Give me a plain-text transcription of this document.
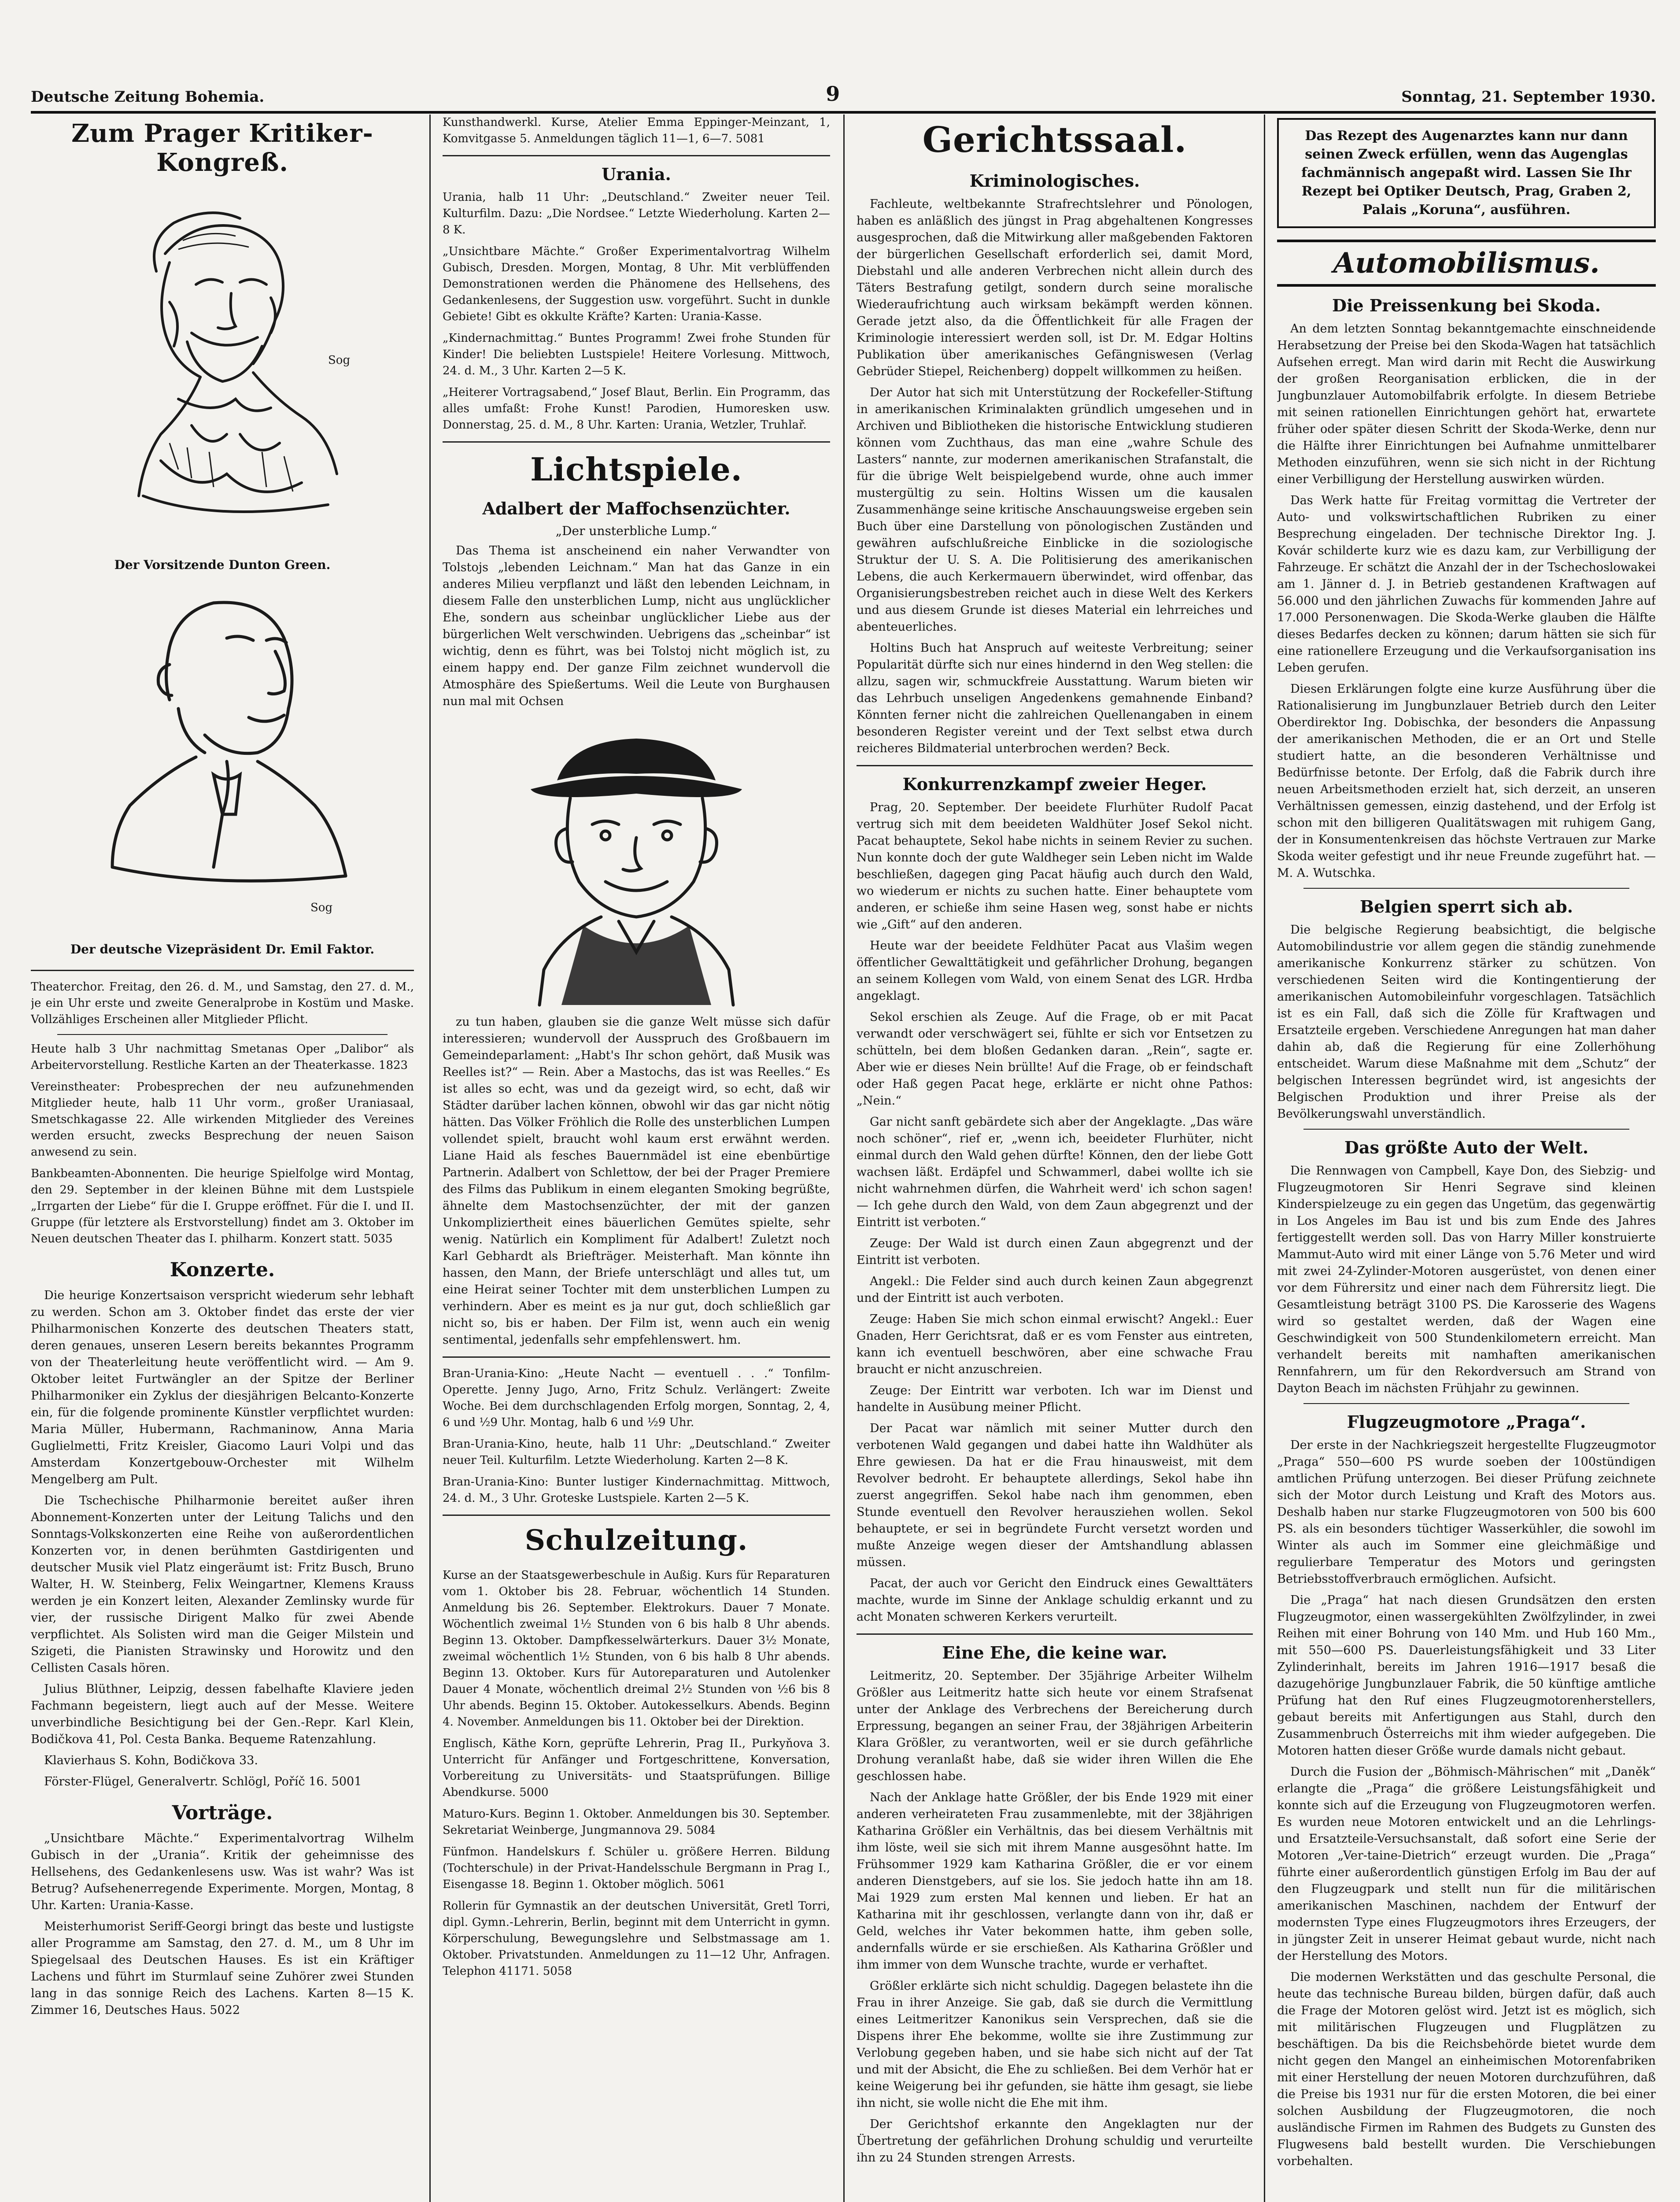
Deutsche Zeitung Bohemia.	9	Sonntag, 21. September 1930.
Zum Prager Kritiker-Kongreß.
Sog
Der Vorsitzende Dunton Green.
Sog
Der deutsche Vizepräsident Dr. Emil Faktor.

Theaterchor. Freitag, den 26. d. M., und Samstag, den 27. d. M., je ein Uhr erste und zweite Generalprobe in Kostüm und Maske. Vollzähliges Erscheinen aller Mitglieder Pflicht.

Heute halb 3 Uhr nachmittag Smetanas Oper „Dalibor“ als Arbeitervorstellung. Restliche Karten an der Theaterkasse. 1823

Vereinstheater: Probesprechen der neu aufzunehmenden Mitglieder heute, halb 11 Uhr vorm., großer Uraniasaal, Smetschkagasse 22. Alle wirkenden Mitglieder des Vereines werden ersucht, zwecks Besprechung der neuen Saison anwesend zu sein.

Bankbeamten-Abonnenten. Die heurige Spielfolge wird Montag, den 29. September in der kleinen Bühne mit dem Lustspiele „Irrgarten der Liebe“ für die I. Gruppe eröffnet. Für die I. und II. Gruppe (für letztere als Erstvorstellung) findet am 3. Oktober im Neuen deutschen Theater das I. philharm. Konzert statt. 5035

Konzerte.

Die heurige Konzertsaison verspricht wiederum sehr lebhaft zu werden. Schon am 3. Oktober findet das erste der vier Philharmonischen Konzerte des deutschen Theaters statt, deren genaues, unseren Lesern bereits bekanntes Programm von der Theaterleitung heute veröffentlicht wird. — Am 9. Oktober leitet Furtwängler an der Spitze der Berliner Philharmoniker ein Zyklus der diesjährigen Belcanto-Konzerte ein, für die folgende prominente Künstler verpflichtet wurden: Maria Müller, Hubermann, Rachmaninow, Anna Maria Guglielmetti, Fritz Kreisler, Giacomo Lauri Volpi und das Amsterdam Konzertgebouw-Orchester mit Wilhelm Mengelberg am Pult.

Die Tschechische Philharmonie bereitet außer ihren Abonnement-Konzerten unter der Leitung Talichs und den Sonntags-Volkskonzerten eine Reihe von außerordentlichen Konzerten vor, in denen berühmten Gastdirigenten und deutscher Musik viel Platz eingeräumt ist: Fritz Busch, Bruno Walter, H. W. Steinberg, Felix Weingartner, Klemens Krauss werden je ein Konzert leiten, Alexander Zemlinsky wurde für vier, der russische Dirigent Malko für zwei Abende verpflichtet. Als Solisten wird man die Geiger Milstein und Szigeti, die Pianisten Strawinsky und Horowitz und den Cellisten Casals hören.

Julius Blüthner, Leipzig, dessen fabelhafte Klaviere jeden Fachmann begeistern, liegt auch auf der Messe. Weitere unverbindliche Besichtigung bei der Gen.-Repr. Karl Klein, Bodičkova 41, Pol. Cesta Banka. Bequeme Ratenzahlung.

Klavierhaus S. Kohn, Bodičkova 33.

Förster-Flügel, Generalvertr. Schlögl, Poříč 16. 5001

Vorträge.

„Unsichtbare Mächte.“ Experimentalvortrag Wilhelm Gubisch in der „Urania“. Kritik der geheimnisse des Hellsehens, des Gedankenlesens usw. Was ist wahr? Was ist Betrug? Aufsehenerregende Experimente. Morgen, Montag, 8 Uhr. Karten: Urania-Kasse.

Meisterhumorist Seriff-Georgi bringt das beste und lustigste aller Programme am Samstag, den 27. d. M., um 8 Uhr im Spiegelsaal des Deutschen Hauses. Es ist ein Kräftiger Lachens und führt im Sturmlauf seine Zuhörer zwei Stunden lang in das sonnige Reich des Lachens. Karten 8—15 K. Zimmer 16, Deutsches Haus. 5022

Kunsthandwerkl. Kurse, Atelier Emma Eppinger-Meinzant, 1, Komvitgasse 5. Anmeldungen täglich 11—1, 6—7. 5081

Urania.

Urania, halb 11 Uhr: „Deutschland.“ Zweiter neuer Teil. Kulturfilm. Dazu: „Die Nordsee.“ Letzte Wiederholung. Karten 2—8 K.

„Unsichtbare Mächte.“ Großer Experimentalvortrag Wilhelm Gubisch, Dresden. Morgen, Montag, 8 Uhr. Mit verblüffenden Demonstrationen werden die Phänomene des Hellsehens, des Gedankenlesens, der Suggestion usw. vorgeführt. Sucht in dunkle Gebiete! Gibt es okkulte Kräfte? Karten: Urania-Kasse.

„Kindernachmittag.“ Buntes Programm! Zwei frohe Stunden für Kinder! Die beliebten Lustspiele! Heitere Vorlesung. Mittwoch, 24. d. M., 3 Uhr. Karten 2—5 K.

„Heiterer Vortragsabend,“ Josef Blaut, Berlin. Ein Programm, das alles umfaßt: Frohe Kunst! Parodien, Humoresken usw. Donnerstag, 25. d. M., 8 Uhr. Karten: Urania, Wetzler, Truhlař.

Lichtspiele.
Adalbert der Maffochsenzüchter.
„Der unsterbliche Lump.“

Das Thema ist anscheinend ein naher Verwandter von Tolstojs „lebenden Leichnam.“ Man hat das Ganze in ein anderes Milieu verpflanzt und läßt den lebenden Leichnam, in diesem Falle den unsterblichen Lump, nicht aus unglücklicher Ehe, sondern aus scheinbar unglücklicher Liebe aus der bürgerlichen Welt verschwinden. Uebrigens das „scheinbar“ ist wichtig, denn es führt, was bei Tolstoj nicht möglich ist, zu einem happy end. Der ganze Film zeichnet wundervoll die Atmosphäre des Spießertums. Weil die Leute von Burghausen nun mal mit Ochsen

zu tun haben, glauben sie die ganze Welt müsse sich dafür interessieren; wundervoll der Ausspruch des Großbauern im Gemeindeparlament: „Habt's Ihr schon gehört, daß Musik was Reelles ist?“ — Rein. Aber a Mastochs, das ist was Reelles.“ Es ist alles so echt, was und da gezeigt wird, so echt, daß wir Städter darüber lachen können, obwohl wir das gar nicht nötig hätten. Das Völker Fröhlich die Rolle des unsterblichen Lumpen vollendet spielt, braucht wohl kaum erst erwähnt werden. Liane Haid als fesches Bauernmädel ist eine ebenbürtige Partnerin. Adalbert von Schlettow, der bei der Prager Premiere des Films das Publikum in einem eleganten Smoking begrüßte, ähnelte dem Mastochsenzüchter, der mit der ganzen Unkompliziertheit eines bäuerlichen Gemütes spielte, sehr wenig. Natürlich ein Kompliment für Adalbert! Zuletzt noch Karl Gebhardt als Briefträger. Meisterhaft. Man könnte ihn hassen, den Mann, der Briefe unterschlägt und alles tut, um eine Heirat seiner Tochter mit dem unsterblichen Lumpen zu verhindern. Aber es meint es ja nur gut, doch schließlich gar nicht so, bis er haben. Der Film ist, wenn auch ein wenig sentimental, jedenfalls sehr empfehlenswert. hm.

Bran-Urania-Kino: „Heute Nacht — eventuell . . .“ Tonfilm-Operette. Jenny Jugo, Arno, Fritz Schulz. Verlängert: Zweite Woche. Bei dem durchschlagenden Erfolg morgen, Sonntag, 2, 4, 6 und ½9 Uhr. Montag, halb 6 und ½9 Uhr.

Bran-Urania-Kino, heute, halb 11 Uhr: „Deutschland.“ Zweiter neuer Teil. Kulturfilm. Letzte Wiederholung. Karten 2—8 K.

Bran-Urania-Kino: Bunter lustiger Kindernachmittag. Mittwoch, 24. d. M., 3 Uhr. Groteske Lustspiele. Karten 2—5 K.

Schulzeitung.

Kurse an der Staatsgewerbeschule in Außig. Kurs für Reparaturen vom 1. Oktober bis 28. Februar, wöchentlich 14 Stunden. Anmeldung bis 26. September. Elektrokurs. Dauer 7 Monate. Wöchentlich zweimal 1½ Stunden von 6 bis halb 8 Uhr abends. Beginn 13. Oktober. Dampfkesselwärterkurs. Dauer 3½ Monate, zweimal wöchentlich 1½ Stunden, von 6 bis halb 8 Uhr abends. Beginn 13. Oktober. Kurs für Autoreparaturen und Autolenker Dauer 4 Monate, wöchentlich dreimal 2½ Stunden von ½6 bis 8 Uhr abends. Beginn 15. Oktober. Autokesselkurs. Abends. Beginn 4. November. Anmeldungen bis 11. Oktober bei der Direktion.

Englisch, Käthe Korn, geprüfte Lehrerin, Prag II., Purkyňova 3. Unterricht für Anfänger und Fortgeschrittene, Konversation, Vorbereitung zu Universitäts- und Staatsprüfungen. Billige Abendkurse. 5000

Maturo-Kurs. Beginn 1. Oktober. Anmeldungen bis 30. September. Sekretariat Weinberge, Jungmannova 29. 5084

Fünfmon. Handelskurs f. Schüler u. größere Herren. Bildung (Tochterschule) in der Privat-Handelsschule Bergmann in Prag I., Eisengasse 18. Beginn 1. Oktober möglich. 5061

Rollerin für Gymnastik an der deutschen Universität, Gretl Torri, dipl. Gymn.-Lehrerin, Berlin, beginnt mit dem Unterricht in gymn. Körperschulung, Bewegungslehre und Selbstmassage am 1. Oktober. Privatstunden. Anmeldungen zu 11—12 Uhr, Anfragen. Telephon 41171. 5058

Gerichtssaal.
Kriminologisches.

Fachleute, weltbekannte Strafrechtslehrer und Pönologen, haben es anläßlich des jüngst in Prag abgehaltenen Kongresses ausgesprochen, daß die Mitwirkung aller maßgebenden Faktoren der bürgerlichen Gesellschaft erforderlich sei, damit Mord, Diebstahl und alle anderen Verbrechen nicht allein durch des Täters Bestrafung getilgt, sondern durch seine moralische Wiederaufrichtung auch wirksam bekämpft werden können. Gerade jetzt also, da die Öffentlichkeit für alle Fragen der Kriminologie interessiert werden soll, ist Dr. M. Edgar Holtins Publikation über amerikanisches Gefängniswesen (Verlag Gebrüder Stiepel, Reichenberg) doppelt willkommen zu heißen.

Der Autor hat sich mit Unterstützung der Rockefeller-Stiftung in amerikanischen Kriminalakten gründlich umgesehen und in Archiven und Bibliotheken die historische Entwicklung studieren können vom Zuchthaus, das man eine „wahre Schule des Lasters“ nannte, zur modernen amerikanischen Strafanstalt, die für die übrige Welt beispielgebend wurde, ohne auch immer mustergültig zu sein. Holtins Wissen um die kausalen Zusammenhänge seine kritische Anschauungsweise ergeben sein Buch über eine Darstellung von pönologischen Zuständen und gewähren aufschlußreiche Einblicke in die soziologische Struktur der U. S. A. Die Politisierung des amerikanischen Lebens, die auch Kerkermauern überwindet, wird offenbar, das Organisierungsbestreben reichet auch in diese Welt des Kerkers und aus diesem Grunde ist dieses Material ein lehrreiches und abenteuerliches.

Holtins Buch hat Anspruch auf weiteste Verbreitung; seiner Popularität dürfte sich nur eines hindernd in den Weg stellen: die allzu, sagen wir, schmuckfreie Ausstattung. Warum bieten wir das Lehrbuch unseligen Angedenkens gemahnende Einband? Könnten ferner nicht die zahlreichen Quellenangaben in einem besonderen Register vereint und der Text selbst etwa durch reicheres Bildmaterial unterbrochen werden? Beck.

Konkurrenzkampf zweier Heger.

Prag, 20. September. Der beeidete Flurhüter Rudolf Pacat vertrug sich mit dem beeideten Waldhüter Josef Sekol nicht. Pacat behauptete, Sekol habe nichts in seinem Revier zu suchen. Nun konnte doch der gute Waldheger sein Leben nicht im Walde beschließen, dagegen ging Pacat häufig auch durch den Wald, wo wiederum er nichts zu suchen hatte. Einer behauptete vom anderen, er schieße ihm seine Hasen weg, sonst habe er nichts wie „Gift“ auf den anderen.

Heute war der beeidete Feldhüter Pacat aus Vlašim wegen öffentlicher Gewalttätigkeit und gefährlicher Drohung, begangen an seinem Kollegen vom Wald, von einem Senat des LGR. Hrdba angeklagt.

Sekol erschien als Zeuge. Auf die Frage, ob er mit Pacat verwandt oder verschwägert sei, fühlte er sich vor Entsetzen zu schütteln, bei dem bloßen Gedanken daran. „Rein“, sagte er. Aber wie er dieses Nein brüllte! Auf die Frage, ob er feindschaft oder Haß gegen Pacat hege, erklärte er nicht ohne Pathos: „Nein.“

Gar nicht sanft gebärdete sich aber der Angeklagte. „Das wäre noch schöner“, rief er, „wenn ich, beeideter Flurhüter, nicht einmal durch den Wald gehen dürfte! Können, den der liebe Gott wachsen läßt. Erdäpfel und Schwammerl, dabei wollte ich sie nicht wahrnehmen dürfen, die Wahrheit werd' ich schon sagen! — Ich gehe durch den Wald, von dem Zaun abgegrenzt und der Eintritt ist verboten.“

Zeuge: Der Wald ist durch einen Zaun abgegrenzt und der Eintritt ist verboten.

Angekl.: Die Felder sind auch durch keinen Zaun abgegrenzt und der Eintritt ist auch verboten.

Zeuge: Haben Sie mich schon einmal erwischt? Angekl.: Euer Gnaden, Herr Gerichtsrat, daß er es vom Fenster aus eintreten, kann ich eventuell beschwören, aber eine schwache Frau braucht er nicht anzuschreien.

Zeuge: Der Eintritt war verboten. Ich war im Dienst und handelte in Ausübung meiner Pflicht.

Der Pacat war nämlich mit seiner Mutter durch den verbotenen Wald gegangen und dabei hatte ihn Waldhüter als Ehre gewiesen. Da hat er die Frau hinausweist, mit dem Revolver bedroht. Er behauptete allerdings, Sekol habe ihn zuerst angegriffen. Sekol habe nach ihm genommen, eben Stunde eventuell den Revolver herausziehen wollen. Sekol behauptete, er sei in begründete Furcht versetzt worden und mußte Anzeige wegen dieser der Amtshandlung ablassen müssen.

Pacat, der auch vor Gericht den Eindruck eines Gewalttäters machte, wurde im Sinne der Anklage schuldig erkannt und zu acht Monaten schweren Kerkers verurteilt.

Eine Ehe, die keine war.

Leitmeritz, 20. September. Der 35jährige Arbeiter Wilhelm Größler aus Leitmeritz hatte sich heute vor einem Strafsenat unter der Anklage des Verbrechens der Bereicherung durch Erpressung, begangen an seiner Frau, der 38jährigen Arbeiterin Klara Größler, zu verantworten, weil er sie durch gefährliche Drohung veranlaßt habe, daß sie wider ihren Willen die Ehe geschlossen habe.

Nach der Anklage hatte Größler, der bis Ende 1929 mit einer anderen verheirateten Frau zusammenlebte, mit der 38jährigen Katharina Größler ein Verhältnis, das bei diesem Verhältnis mit ihm löste, weil sie sich mit ihrem Manne ausgesöhnt hatte. Im Frühsommer 1929 kam Katharina Größler, die er vor einem anderen Dienstgebers, auf sie los. Sie jedoch hatte ihn am 18. Mai 1929 zum ersten Mal kennen und lieben. Er hat an Katharina mit ihr geschlossen, verlangte dann von ihr, daß er Geld, welches ihr Vater bekommen hatte, ihm geben solle, andernfalls würde er sie erschießen. Als Katharina Größler und ihm immer von dem Wunsche trachte, wurde er verhaftet.

Größler erklärte sich nicht schuldig. Dagegen belastete ihn die Frau in ihrer Anzeige. Sie gab, daß sie durch die Vermittlung eines Leitmeritzer Kanonikus sein Versprechen, daß sie die Dispens ihrer Ehe bekomme, wollte sie ihre Zustimmung zur Verlobung gegeben haben, und sie habe sich nicht auf der Tat und mit der Absicht, die Ehe zu schließen. Bei dem Verhör hat er keine Weigerung bei ihr gefunden, sie hätte ihm gesagt, sie liebe ihn nicht, sie wolle nicht die Ehe mit ihm.

Der Gerichtshof erkannte den Angeklagten nur der Übertretung der gefährlichen Drohung schuldig und verurteilte ihn zu 24 Stunden strengen Arrests.

Das Rezept des Augenarztes kann nur dann seinen Zweck erfüllen, wenn das Augenglas fachmännisch angepaßt wird. Lassen Sie Ihr Rezept bei Optiker Deutsch, Prag, Graben 2, Palais „Koruna“, ausführen.
Automobilismus.
Die Preissenkung bei Skoda.

An dem letzten Sonntag bekanntgemachte einschneidende Herabsetzung der Preise bei den Skoda-Wagen hat tatsächlich Aufsehen erregt. Man wird darin mit Recht die Auswirkung der großen Reorganisation erblicken, die in der Jungbunzlauer Automobilfabrik erfolgte. In diesem Betriebe mit seinen rationellen Einrichtungen gehört hat, erwartete früher oder später diesen Schritt der Skoda-Werke, denn nur die Hälfte ihrer Einrichtungen bei Aufnahme unmittelbarer Methoden einzuführen, wenn sie sich nicht in der Richtung einer Verbilligung der Herstellung auswirken würden.

Das Werk hatte für Freitag vormittag die Vertreter der Auto- und volkswirtschaftlichen Rubriken zu einer Besprechung eingeladen. Der technische Direktor Ing. J. Kovár schilderte kurz wie es dazu kam, zur Verbilligung der Fahrzeuge. Er schätzt die Anzahl der in der Tschechoslowakei am 1. Jänner d. J. in Betrieb gestandenen Kraftwagen auf 56.000 und den jährlichen Zuwachs für kommenden Jahre auf 17.000 Personenwagen. Die Skoda-Werke glauben die Hälfte dieses Bedarfes decken zu können; darum hätten sie sich für eine rationellere Erzeugung und die Verkaufsorganisation ins Leben gerufen.

Diesen Erklärungen folgte eine kurze Ausführung über die Rationalisierung im Jungbunzlauer Betrieb durch den Leiter Oberdirektor Ing. Dobischka, der besonders die Anpassung der amerikanischen Methoden, die er an Ort und Stelle studiert hatte, an die besonderen Verhältnisse und Bedürfnisse betonte. Der Erfolg, daß die Fabrik durch ihre neuen Arbeitsmethoden erzielt hat, sich derzeit, an unseren Verhältnissen gemessen, einzig dastehend, und der Erfolg ist schon mit den billigeren Qualitätswagen mit ruhigem Gang, der in Konsumentenkreisen das höchste Vertrauen zur Marke Skoda weiter gefestigt und ihr neue Freunde zugeführt hat. — M. A. Wutschka.

Belgien sperrt sich ab.

Die belgische Regierung beabsichtigt, die belgische Automobilindustrie vor allem gegen die ständig zunehmende amerikanische Konkurrenz stärker zu schützen. Von verschiedenen Seiten wird die Kontingentierung der amerikanischen Automobileinfuhr vorgeschlagen. Tatsächlich ist es ein Fall, daß sich die Zölle für Kraftwagen und Ersatzteile ergeben. Verschiedene Anregungen hat man daher dahin ab, daß die Regierung für eine Zollerhöhung entscheidet. Warum diese Maßnahme mit dem „Schutz“ der belgischen Interessen begründet wird, ist angesichts der Belgischen Produktion und ihrer Preise als der Bevölkerungswahl unverständlich.

Das größte Auto der Welt.

Die Rennwagen von Campbell, Kaye Don, des Siebzig- und Flugzeugmotoren Sir Henri Segrave sind kleinen Kinderspielzeuge zu ein gegen das Ungetüm, das gegenwärtig in Los Angeles im Bau ist und bis zum Ende des Jahres fertiggestellt werden soll. Das von Harry Miller konstruierte Mammut-Auto wird mit einer Länge von 5.76 Meter und wird mit zwei 24-Zylinder-Motoren ausgerüstet, von denen einer vor dem Führersitz und einer nach dem Führersitz liegt. Die Gesamtleistung beträgt 3100 PS. Die Karosserie des Wagens wird so gestaltet werden, daß der Wagen eine Geschwindigkeit von 500 Stundenkilometern erreicht. Man verhandelt bereits mit namhaften amerikanischen Rennfahrern, um für den Rekordversuch am Strand von Dayton Beach im nächsten Frühjahr zu gewinnen.

Flugzeugmotore „Praga“.

Der erste in der Nachkriegszeit hergestellte Flugzeugmotor „Praga“ 550—600 PS wurde soeben der 100stündigen amtlichen Prüfung unterzogen. Bei dieser Prüfung zeichnete sich der Motor durch Leistung und Kraft des Motors aus. Deshalb haben nur starke Flugzeugmotoren von 500 bis 600 PS. als ein besonders tüchtiger Wasserkühler, die sowohl im Winter als auch im Sommer eine gleichmäßige und regulierbare Temperatur des Motors und geringsten Betriebsstoffverbrauch ermöglichen. Aufsicht.

Die „Praga“ hat nach diesen Grundsätzen den ersten Flugzeugmotor, einen wassergekühlten Zwölfzylinder, in zwei Reihen mit einer Bohrung von 140 Mm. und Hub 160 Mm., mit 550—600 PS. Dauerleistungsfähigkeit und 33 Liter Zylinderinhalt, bereits im Jahren 1916—1917 besaß die dazugehörige Jungbunzlauer Fabrik, die 50 künftige amtliche Prüfung hat den Ruf eines Flugzeugmotorenherstellers, gebaut bereits mit Anfertigungen aus Stahl, durch den Zusammenbruch Österreichs mit ihm wieder aufgegeben. Die Motoren hatten dieser Größe wurde damals nicht gebaut.

Durch die Fusion der „Böhmisch-Mährischen“ mit „Daněk“ erlangte die „Praga“ die größere Leistungsfähigkeit und konnte sich auf die Erzeugung von Flugzeugmotoren werfen. Es wurden neue Motoren entwickelt und an die Lehrlings- und Ersatzteile-Versuchsanstalt, daß sofort eine Serie der Motoren „Ver-taine-Dietrich“ erzeugt wurden. Die „Praga“ führte einer außerordentlich günstigen Erfolg im Bau der auf den Flugzeugpark und stellt nun für die militärischen amerikanischen Maschinen, nachdem der Entwurf der modernsten Type eines Flugzeugmotors ihres Erzeugers, der in jüngster Zeit in unserer Heimat gebaut wurde, nicht nach der Herstellung des Motors.

Die modernen Werkstätten und das geschulte Personal, die heute das technische Bureau bilden, bürgen dafür, daß auch die Frage der Motoren gelöst wird. Jetzt ist es möglich, sich mit militärischen Flugzeugen und Flugplätzen zu beschäftigen. Da bis die Reichsbehörde bietet wurde dem nicht gegen den Mangel an einheimischen Motorenfabriken mit einer Herstellung der neuen Motoren durchzuführen, daß die Preise bis 1931 nur für die ersten Motoren, die bei einer solchen Ausbildung der Flugzeugmotoren, die noch ausländische Firmen im Rahmen des Budgets zu Gunsten des Flugwesens bald bestellt wurden. Die Verschiebungen vorbehalten.
